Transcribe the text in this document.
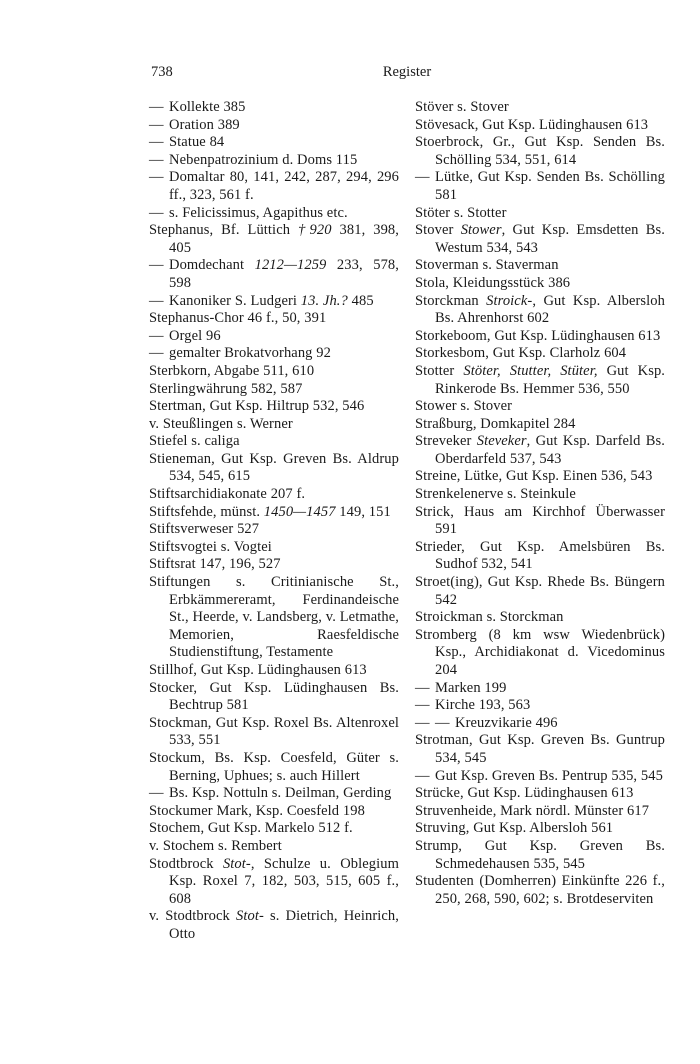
738	Register

— Kollekte 385

— Oration 389

— Statue 84

— Nebenpatrozinium d. Doms 115

— Domaltar 80, 141, 242, 287, 294, 296 ff., 323, 561 f.

— s. Felicissimus, Agapithus etc.

Stephanus, Bf. Lüttich †920 381, 398, 405

— Domdechant 1212—1259 233, 578, 598

— Kanoniker S. Ludgeri 13. Jh.? 485

Stephanus-Chor 46 f., 50, 391

— Orgel 96

— gemalter Brokatvorhang 92

Sterbkorn, Abgabe 511, 610

Sterlingwährung 582, 587

Stertman, Gut Ksp. Hiltrup 532, 546

v. Steußlingen s. Werner

Stiefel s. caliga

Stieneman, Gut Ksp. Greven Bs. Aldrup 534, 545, 615

Stiftsarchidiakonate 207 f.

Stiftsfehde, münst. 1450—1457 149, 151

Stiftsverweser 527

Stiftsvogtei s. Vogtei

Stiftsrat 147, 196, 527

Stiftungen s. Critinianische St., Erbkämmereramt, Ferdinandeische St., Heerde, v. Landsberg, v. Letmathe, Memorien, Raesfeldische Studienstiftung, Testamente

Stillhof, Gut Ksp. Lüdinghausen 613

Stocker, Gut Ksp. Lüdinghausen Bs. Bechtrup 581

Stockman, Gut Ksp. Roxel Bs. Altenroxel 533, 551

Stockum, Bs. Ksp. Coesfeld, Güter s. Berning, Uphues; s. auch Hillert

— Bs. Ksp. Nottuln s. Deilman, Gerding

Stockumer Mark, Ksp. Coesfeld 198

Stochem, Gut Ksp. Markelo 512 f.

v. Stochem s. Rembert

Stodtbrock Stot-, Schulze u. Oblegium Ksp. Roxel 7, 182, 503, 515, 605 f., 608

v. Stodtbrock Stot- s. Dietrich, Heinrich, Otto

Stöver s. Stover

Stövesack, Gut Ksp. Lüdinghausen 613

Stoerbrock, Gr., Gut Ksp. Senden Bs. Schölling 534, 551, 614

— Lütke, Gut Ksp. Senden Bs. Schölling 581

Stöter s. Stotter

Stover Stower, Gut Ksp. Emsdetten Bs. Westum 534, 543

Stoverman s. Staverman

Stola, Kleidungsstück 386

Storckman Stroick-, Gut Ksp. Albersloh Bs. Ahrenhorst 602

Storkeboom, Gut Ksp. Lüdinghausen 613

Storkesbom, Gut Ksp. Clarholz 604

Stotter Stöter, Stutter, Stüter, Gut Ksp. Rinkerode Bs. Hemmer 536, 550

Stower s. Stover

Straßburg, Domkapitel 284

Streveker Steveker, Gut Ksp. Darfeld Bs. Oberdarfeld 537, 543

Streine, Lütke, Gut Ksp. Einen 536, 543

Strenkelenerve s. Steinkule

Strick, Haus am Kirchhof Überwasser 591

Strieder, Gut Ksp. Amelsbüren Bs. Sudhof 532, 541

Stroet(ing), Gut Ksp. Rhede Bs. Büngern 542

Stroickman s. Storckman

Stromberg (8 km wsw Wiedenbrück) Ksp., Archidiakonat d. Vicedominus 204

— Marken 199

— Kirche 193, 563

— — Kreuzvikarie 496

Strotman, Gut Ksp. Greven Bs. Guntrup 534, 545

— Gut Ksp. Greven Bs. Pentrup 535, 545

Strücke, Gut Ksp. Lüdinghausen 613

Struvenheide, Mark nördl. Münster 617

Struving, Gut Ksp. Albersloh 561

Strump, Gut Ksp. Greven Bs. Schmedehausen 535, 545

Studenten (Domherren) Einkünfte 226 f., 250, 268, 590, 602; s. Brotdeserviten
